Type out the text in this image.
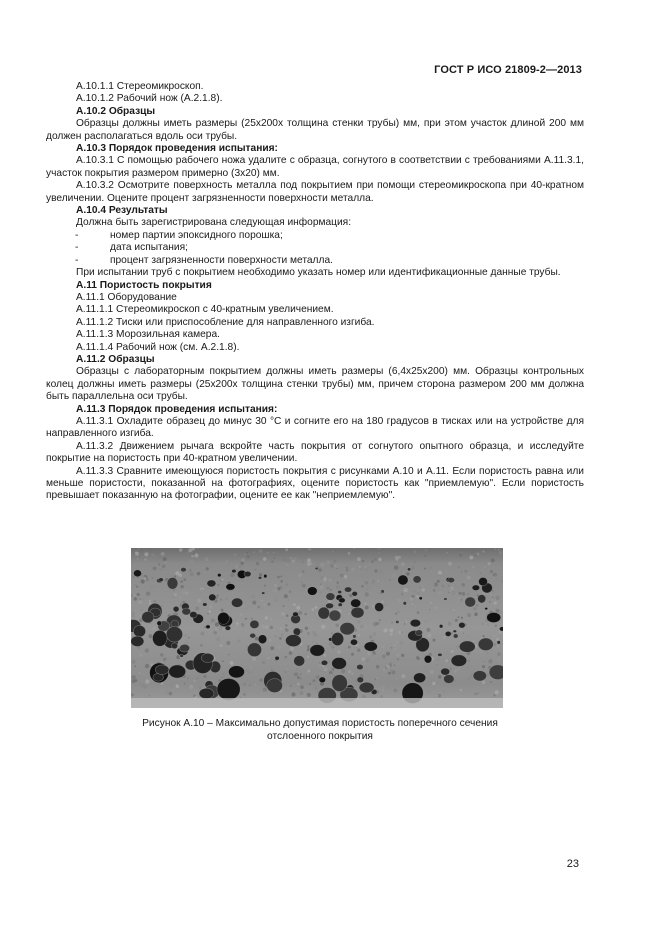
ГОСТ Р ИСО 21809-2—2013

А.10.1.1 Стереомикроскоп.

А.10.1.2 Рабочий нож (А.2.1.8).

А.10.2 Образцы

Образцы должны иметь размеры (25х200х толщина стенки трубы) мм, при этом участок длиной 200 мм должен располагаться вдоль оси трубы.

А.10.3 Порядок проведения испытания:

А.10.3.1 С помощью рабочего ножа удалите с образца, согнутого в соответствии с требованиями А.11.3.1, участок покрытия размером примерно (3х20) мм.

А.10.3.2 Осмотрите поверхность металла под покрытием при помощи стереомикроскопа при 40-кратном увеличении. Оцените процент загрязненности поверхности металла.

А.10.4 Результаты

Должна быть зарегистрирована следующая информация:

-	номер партии эпоксидного порошка;

-	дата испытания;

-	процент загрязненности поверхности металла.

При испытании труб с покрытием необходимо указать номер или идентификационные данные трубы.

А.11 Пористость покрытия

А.11.1 Оборудование

А.11.1.1 Стереомикроскоп с 40-кратным увеличением.

А.11.1.2 Тиски или приспособление для направленного изгиба.

А.11.1.3 Морозильная камера.

А.11.1.4 Рабочий нож (см. А.2.1.8).

А.11.2 Образцы

Образцы с лабораторным покрытием должны иметь размеры (6,4х25х200) мм. Образцы контрольных колец должны иметь размеры (25х200х толщина стенки трубы) мм, причем сторона размером 200 мм должна быть параллельна оси трубы.

А.11.3 Порядок проведения испытания:

А.11.3.1 Охладите образец до минус 30 °С и согните его на 180 градусов в тисках или на устройстве для направленного изгиба.

А.11.3.2 Движением рычага вскройте часть покрытия от согнутого опытного образца, и исследуйте покрытие на пористость при 40-кратном увеличении.

А.11.3.3 Сравните имеющуюся пористость покрытия с рисунками А.10 и А.11. Если пористость равна или меньше пористости, показанной на фотографиях, оцените пористость как "приемлемую". Если пористость превышает показанную на фотографии, оцените ее как "неприемлемую".

Рисунок А.10 – Максимально допустимая пористость поперечного сечения
отслоенного покрытия
23
